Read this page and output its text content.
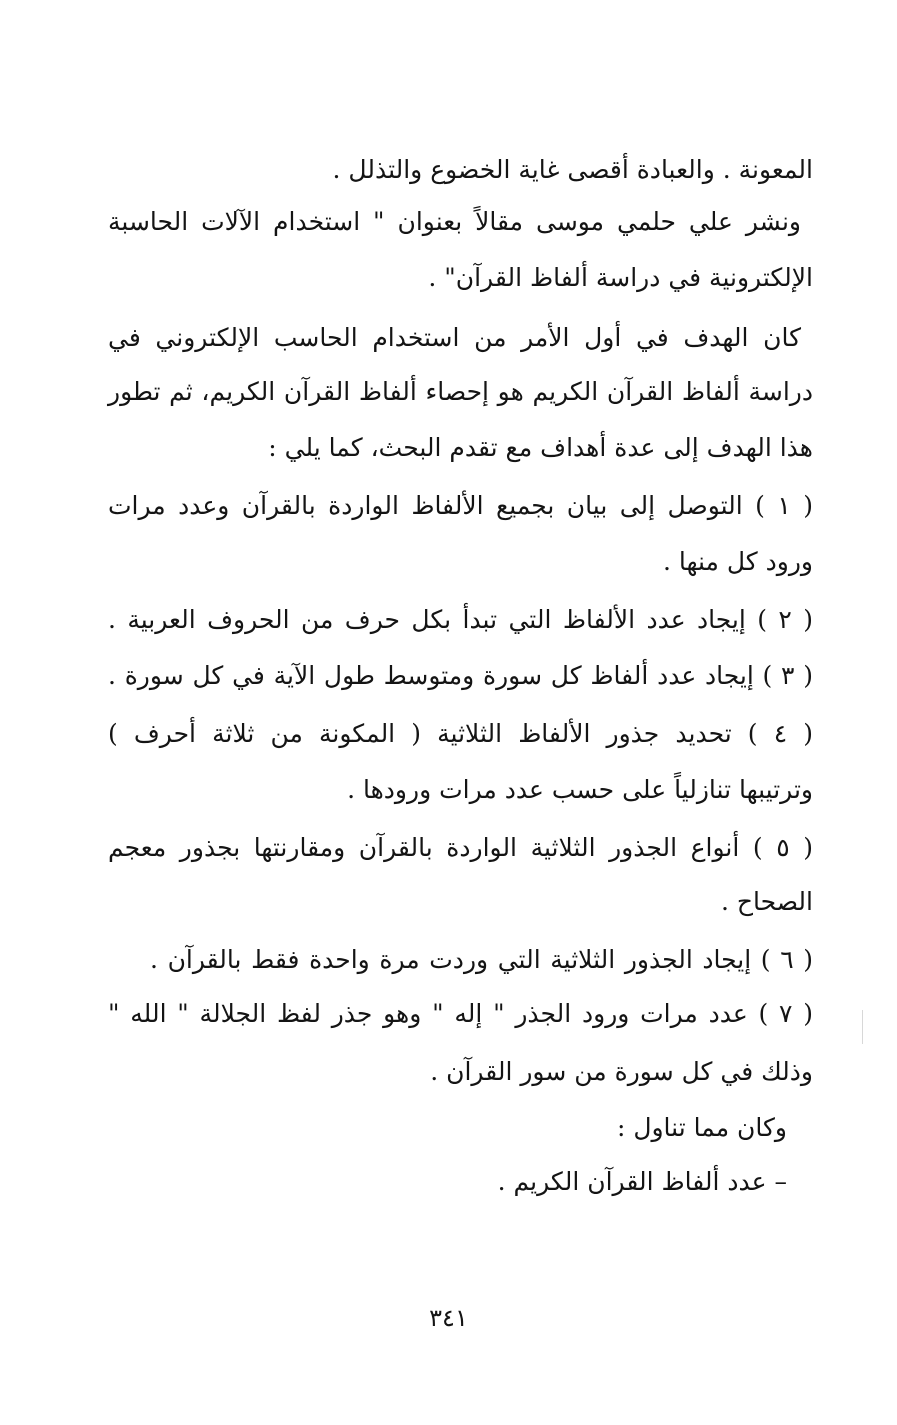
المعونة . والعبادة أقصى غاية الخضوع والتذلل .
ونشر علي حلمي موسى مقالاً بعنوان " استخدام الآلات الحاسبة
الإلكترونية في دراسة ألفاظ القرآن" .
كان الهدف في أول الأمر من استخدام الحاسب الإلكتروني في
دراسة ألفاظ القرآن الكريم هو إحصاء ألفاظ القرآن الكريم، ثم تطور
هذا الهدف إلى عدة أهداف مع تقدم البحث، كما يلي :
( ١ ) التوصل إلى بيان بجميع الألفاظ الواردة بالقرآن وعدد مرات
ورود كل منها .
( ٢ ) إيجاد عدد الألفاظ التي تبدأ بكل حرف من الحروف العربية .
( ٣ ) إيجاد عدد ألفاظ كل سورة ومتوسط طول الآية في كل سورة .
( ٤ ) تحديد جذور الألفاظ الثلاثية ( المكونة من ثلاثة أحرف )
وترتيبها تنازلياً على حسب عدد مرات ورودها .
( ٥ ) أنواع الجذور الثلاثية الواردة بالقرآن ومقارنتها بجذور معجم
الصحاح .
( ٦ ) إيجاد الجذور الثلاثية التي وردت مرة واحدة فقط بالقرآن .
( ٧ ) عدد مرات ورود الجذر " إله " وهو جذر لفظ الجلالة " الله "
وذلك في كل سورة من سور القرآن .
وكان مما تناول :
– عدد ألفاظ القرآن الكريم .
٣٤١
